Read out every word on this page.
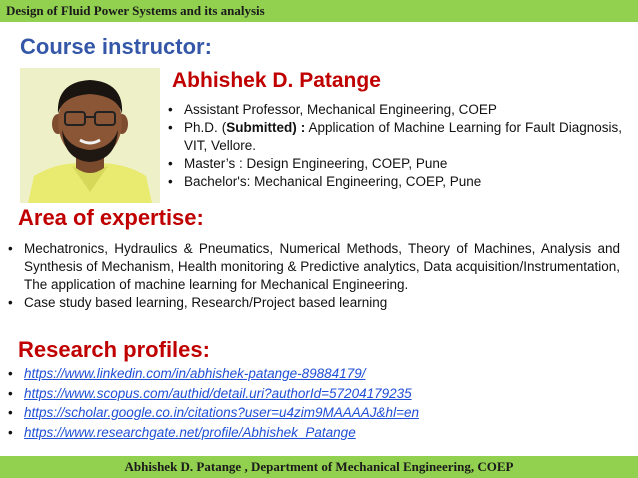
Design of Fluid Power Systems and its analysis
Course instructor:
Abhishek D. Patange
• Assistant Professor, Mechanical Engineering, COEP
• Ph.D. (Submitted) : Application of Machine Learning for Fault Diagnosis, VIT, Vellore.
• Master’s : Design Engineering, COEP, Pune
• Bachelor's: Mechanical Engineering, COEP, Pune
Area of expertise:
• Mechatronics, Hydraulics & Pneumatics, Numerical Methods, Theory of Machines, Analysis and Synthesis of Mechanism, Health monitoring & Predictive analytics, Data acquisition/Instrumentation, The application of machine learning for Mechanical Engineering.
• Case study based learning, Research/Project based learning
Research profiles:
• https://www.linkedin.com/in/abhishek-patange-89884179/
• https://www.scopus.com/authid/detail.uri?authorId=57204179235
• https://scholar.google.co.in/citations?user=u4zim9MAAAAJ&hl=en
• https://www.researchgate.net/profile/Abhishek_Patange
Abhishek D. Patange , Department of Mechanical Engineering, COEP
